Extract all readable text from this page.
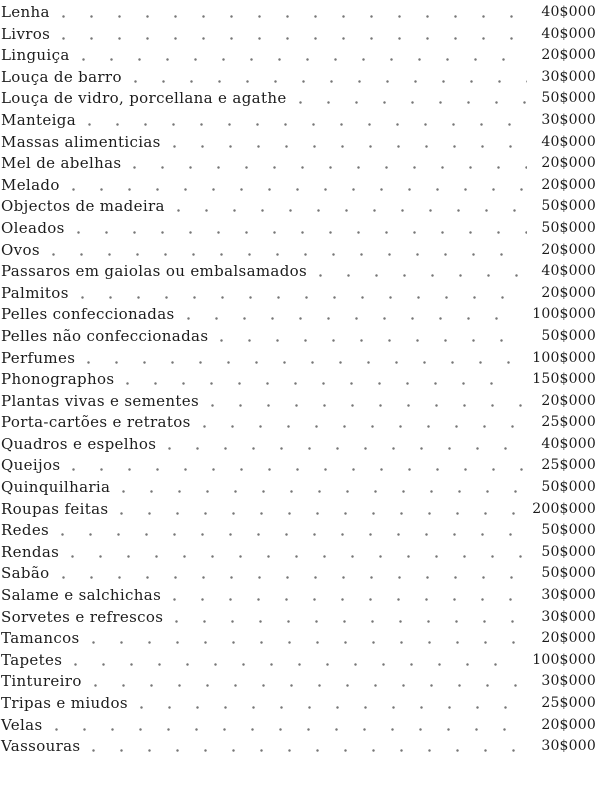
Lenha	40$000
Livros	40$000
Linguiça	20$000
Louça de barro	30$000
Louça de vidro, porcellana e agathe	50$000
Manteiga	30$000
Massas alimenticias	40$000
Mel de abelhas	20$000
Melado	20$000
Objectos de madeira	50$000
Oleados	50$000
Ovos	20$000
Passaros em gaiolas ou embalsamados	40$000
Palmitos	20$000
Pelles confeccionadas	100$000
Pelles não confeccionadas	50$000
Perfumes	100$000
Phonographos	150$000
Plantas vivas e sementes	20$000
Porta-cartões e retratos	25$000
Quadros e espelhos	40$000
Queijos	25$000
Quinquilharia	50$000
Roupas feitas	200$000
Redes	50$000
Rendas	50$000
Sabão	50$000
Salame e salchichas	30$000
Sorvetes e refrescos	30$000
Tamancos	20$000
Tapetes	100$000
Tintureiro	30$000
Tripas e miudos	25$000
Velas	20$000
Vassouras	30$000
